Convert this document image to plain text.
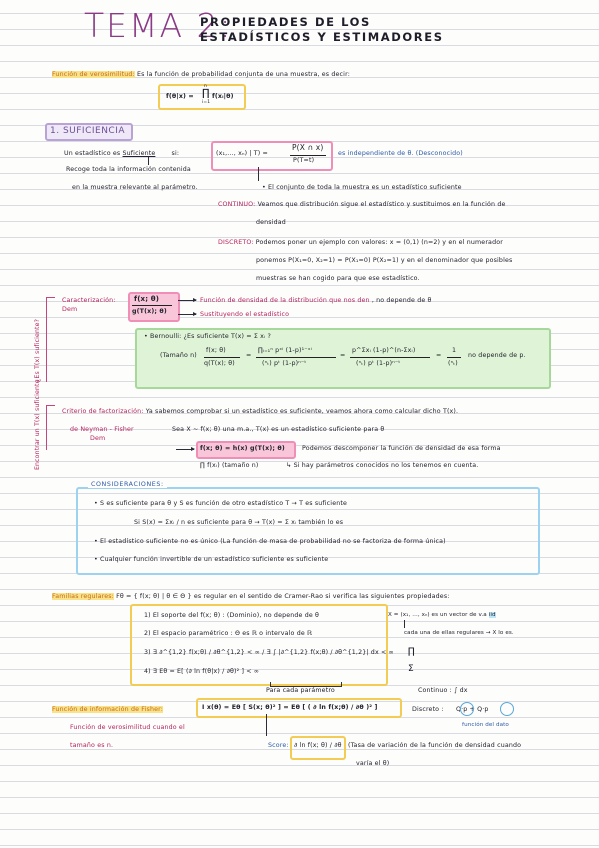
TEMA 2:
PROPIEDADES DE LOS
ESTADÍSTICOS Y ESTIMADORES
Función de verosimilitud: Es la función de probabilidad conjunta de una muestra, es decir:
f(θ|x) = ∏
n
i=1
f(xᵢ|θ)
1. SUFICIENCIA
Un estadístico es Suficiente	si:	(x₁,..., xₙ) | T) =
P(X ∩ x)
P(T=t)
es independiente de θ. (Desconocido)
Recoge toda la información contenida
en la muestra relevante al parámetro.	• El conjunto de toda la muestra es un estadístico suficiente
CONTINUO: Veamos que distribución sigue el estadístico y sustituimos en la función de
densidad
DISCRETO: Podemos poner un ejemplo con valores: x = (0,1) (n=2) y en el numerador
ponemos P(X₁=0, X₂=1) = P(X₁=0) P(X₂=1) y en el denominador que posibles
muestras se han cogido para que ese estadístico.
¿Es T(x) suficiente?
Caracterización:
Dem
f(x; θ)
g(T(x); θ)
Función de densidad de la distribución que nos den , no depende de θ
Sustituyendo el estadístico
• Bernoulli: ¿Es suficiente T(x) = Σ xᵢ ?
(Tamaño n)
f(x; θ)
q(T(x); θ)
=
∏ᵢ₌₁ⁿ pˣⁱ (1-p)¹⁻ˣⁱ
(ⁿₜ) pᵗ (1-p)ⁿ⁻ᵗ
=
p^Σxᵢ (1-p)^(n-Σxᵢ)
(ⁿₜ) pᵗ (1-p)ⁿ⁻ᵗ
=
1
(ⁿₜ)
no depende de p.
Encontrar un T(x) suficiente	Criterio de factorización: Ya sabemos comprobar si un estadístico es suficiente, veamos ahora como calcular dicho T(x).
de Neyman - Fisher
Dem
Sea X ~ f(x; θ) una m.a., T(x) es un estadístico suficiente para θ
f(x; θ) = h(x) g(T(x); θ)	Podemos descomponer la función de densidad de esa forma
∏ f(xᵢ) (tamaño n)	↳ Si hay parámetros conocidos no los tenemos en cuenta.
CONSIDERACIONES:
• S es suficiente para θ y S es función de otro estadístico T → T es suficiente
Si S(x) = Σxᵢ / n es suficiente para θ → T(x) = Σ xᵢ también lo es
• El estadístico suficiente no es único (La función de masa de probabilidad no se factoriza de forma única)
• Cualquier función invertible de un estadístico suficiente es suficiente
Familias regulares: Fθ = { f(x; θ) | θ ∈ Θ } es regular en el sentido de Cramer-Rao si verifica las siguientes propiedades:
1) El soporte del f(x; θ) : (Dominio), no depende de θ
2) El espacio paramétrico : Θ es ℝ o intervalo de ℝ
3) ∃ ∂^{1,2} f(x;θ) / ∂θ^{1,2} < ∞ / ∃ ∫ |∂^{1,2} f(x;θ) / ∂θ^{1,2}| dx < ∞
4) ∃ Eθ = E[ (∂ ln f(θ|x) / ∂θ)² ] < ∞
Para cada parámetro
X = (x₁, ..., xₙ) es un vector de v.a iid
cada una de ellas regulares → X lo es.
∏
Σ
Continuo : ∫ dx
Función de información de Fisher:	I x(θ) = Eθ [ S(x; θ)² ] = Eθ [ ( ∂ ln f(x;θ) / ∂θ )² ]	Discreto : Q·p + Q·p
función del dato
Función de verosimilitud cuando el
tamaño es n.	Score: ∂ ln f(x; θ) / ∂θ (Tasa de variación de la función de densidad cuando
varía el θ)
